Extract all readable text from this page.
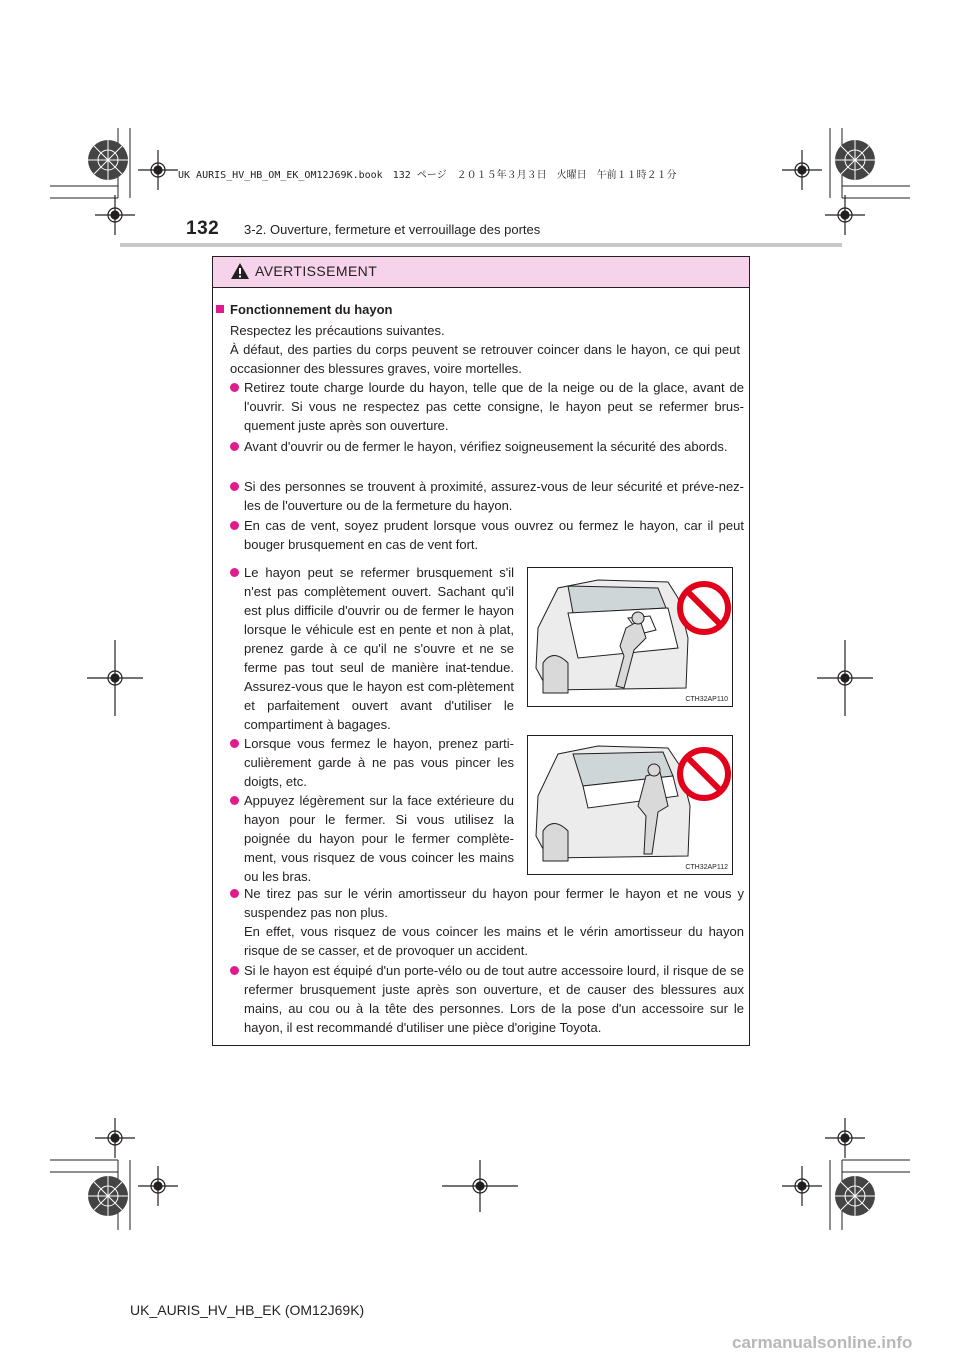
UK AURIS_HV_HB_OM_EK_OM12J69K.book　132 ページ　２０１５年３月３日　火曜日　午前１１時２１分
132 3-2. Ouverture, fermeture et verrouillage des portes
AVERTISSEMENT
Fonctionnement du hayon
Respectez les précautions suivantes.
À défaut, des parties du corps peuvent se retrouver coincer dans le hayon, ce qui peut occasionner des blessures graves, voire mortelles.
Retirez toute charge lourde du hayon, telle que de la neige ou de la glace, avant de l'ouvrir. Si vous ne respectez pas cette consigne, le hayon peut se refermer brus-quement juste après son ouverture.
Avant d'ouvrir ou de fermer le hayon, vérifiez soigneusement la sécurité des abords.
Si des personnes se trouvent à proximité, assurez-vous de leur sécurité et préve-nez-les de l'ouverture ou de la fermeture du hayon.
En cas de vent, soyez prudent lorsque vous ouvrez ou fermez le hayon, car il peut bouger brusquement en cas de vent fort.
Le hayon peut se refermer brusquement s'il n'est pas complètement ouvert. Sachant qu'il est plus difficile d'ouvrir ou de fermer le hayon lorsque le véhicule est en pente et non à plat, prenez garde à ce qu'il ne s'ouvre et ne se ferme pas tout seul de manière inat-tendue. Assurez-vous que le hayon est com-plètement et parfaitement ouvert avant d'utiliser le compartiment à bagages.
CTH32AP110
Lorsque vous fermez le hayon, prenez parti-culièrement garde à ne pas vous pincer les doigts, etc.
Appuyez légèrement sur la face extérieure du hayon pour le fermer. Si vous utilisez la poignée du hayon pour le fermer complète-ment, vous risquez de vous coincer les mains ou les bras.
CTH32AP112
Ne tirez pas sur le vérin amortisseur du hayon pour fermer le hayon et ne vous y suspendez pas non plus.
En effet, vous risquez de vous coincer les mains et le vérin amortisseur du hayon risque de se casser, et de provoquer un accident.
Si le hayon est équipé d'un porte-vélo ou de tout autre accessoire lourd, il risque de se refermer brusquement juste après son ouverture, et de causer des blessures aux mains, au cou ou à la tête des personnes. Lors de la pose d'un accessoire sur le hayon, il est recommandé d'utiliser une pièce d'origine Toyota.
UK_AURIS_HV_HB_EK (OM12J69K)
carmanualsonline.info
